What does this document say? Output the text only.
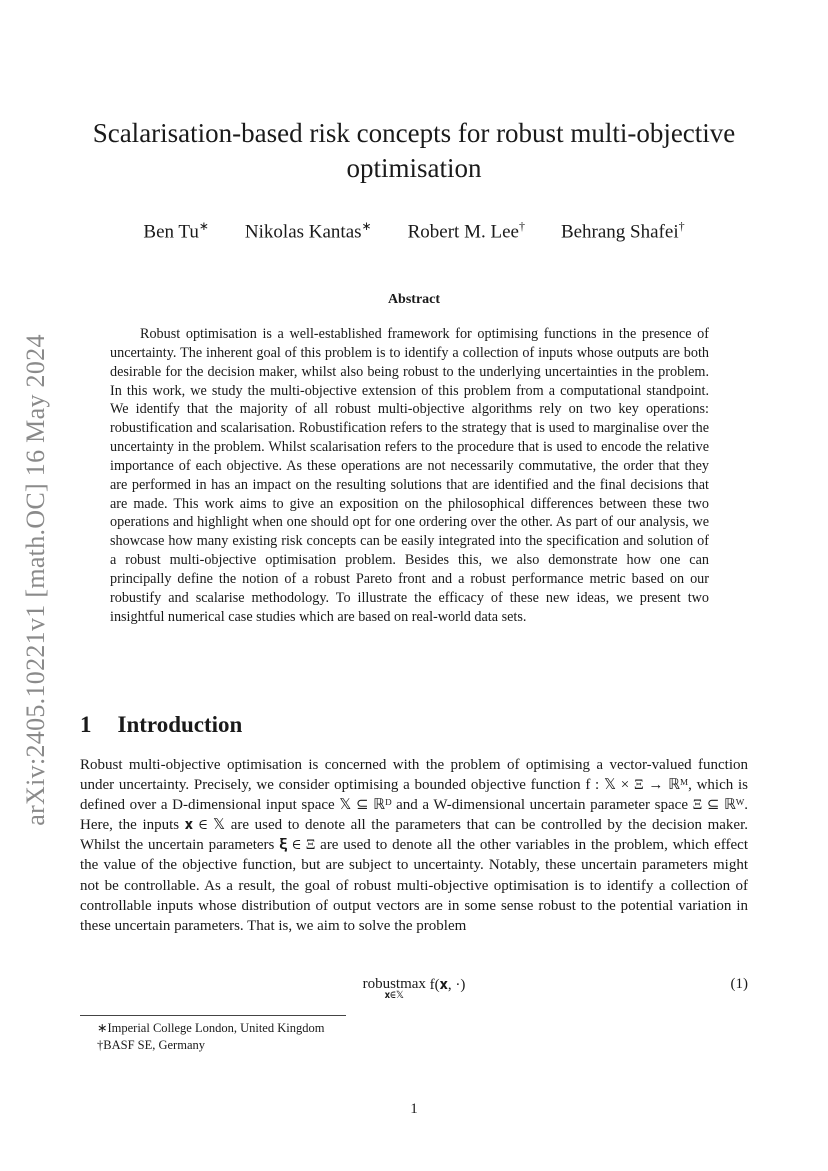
arXiv:2405.10221v1 [math.OC] 16 May 2024
Scalarisation-based risk concepts for robust multi-objective optimisation
Ben Tu∗ Nikolas Kantas∗ Robert M. Lee† Behrang Shafei†
Abstract

Robust optimisation is a well-established framework for optimising functions in the presence of uncertainty. The inherent goal of this problem is to identify a collection of inputs whose outputs are both desirable for the decision maker, whilst also being robust to the underlying uncertainties in the problem. In this work, we study the multi-objective extension of this problem from a computational standpoint. We identify that the majority of all robust multi-objective algorithms rely on two key operations: robustification and scalarisation. Robustification refers to the strategy that is used to marginalise over the uncertainty in the problem. Whilst scalarisation refers to the procedure that is used to encode the relative importance of each objective. As these operations are not necessarily commutative, the order that they are performed in has an impact on the resulting solutions that are identified and the final decisions that are made. This work aims to give an exposition on the philosophical differences between these two operations and highlight when one should opt for one ordering over the other. As part of our analysis, we showcase how many existing risk concepts can be easily integrated into the specification and solution of a robust multi-objective optimisation problem. Besides this, we also demonstrate how one can principally define the notion of a robust Pareto front and a robust performance metric based on our robustify and scalarise methodology. To illustrate the efficacy of these new ideas, we present two insightful numerical case studies which are based on real-world data sets.

1 Introduction

Robust multi-objective optimisation is concerned with the problem of optimising a vector-valued function under uncertainty. Precisely, we consider optimising a bounded objective function f : 𝕏 × Ξ → ℝᴹ, which is defined over a D-dimensional input space 𝕏 ⊆ ℝᴰ and a W-dimensional uncertain parameter space Ξ ⊆ ℝᵂ. Here, the inputs 𝐱 ∈ 𝕏 are used to denote all the parameters that can be controlled by the decision maker. Whilst the uncertain parameters 𝛏 ∈ Ξ are used to denote all the other variables in the problem, which effect the value of the objective function, but are subject to uncertainty. Notably, these uncertain parameters might not be controllable. As a result, the goal of robust multi-objective optimisation is to identify a collection of controllable inputs whose distribution of output vectors are in some sense robust to the potential variation in these uncertain parameters. That is, we aim to solve the problem

robustmax
𝐱∈𝕏
f(𝐱, ·)	(1)
∗Imperial College London, United Kingdom
†BASF SE, Germany
1
